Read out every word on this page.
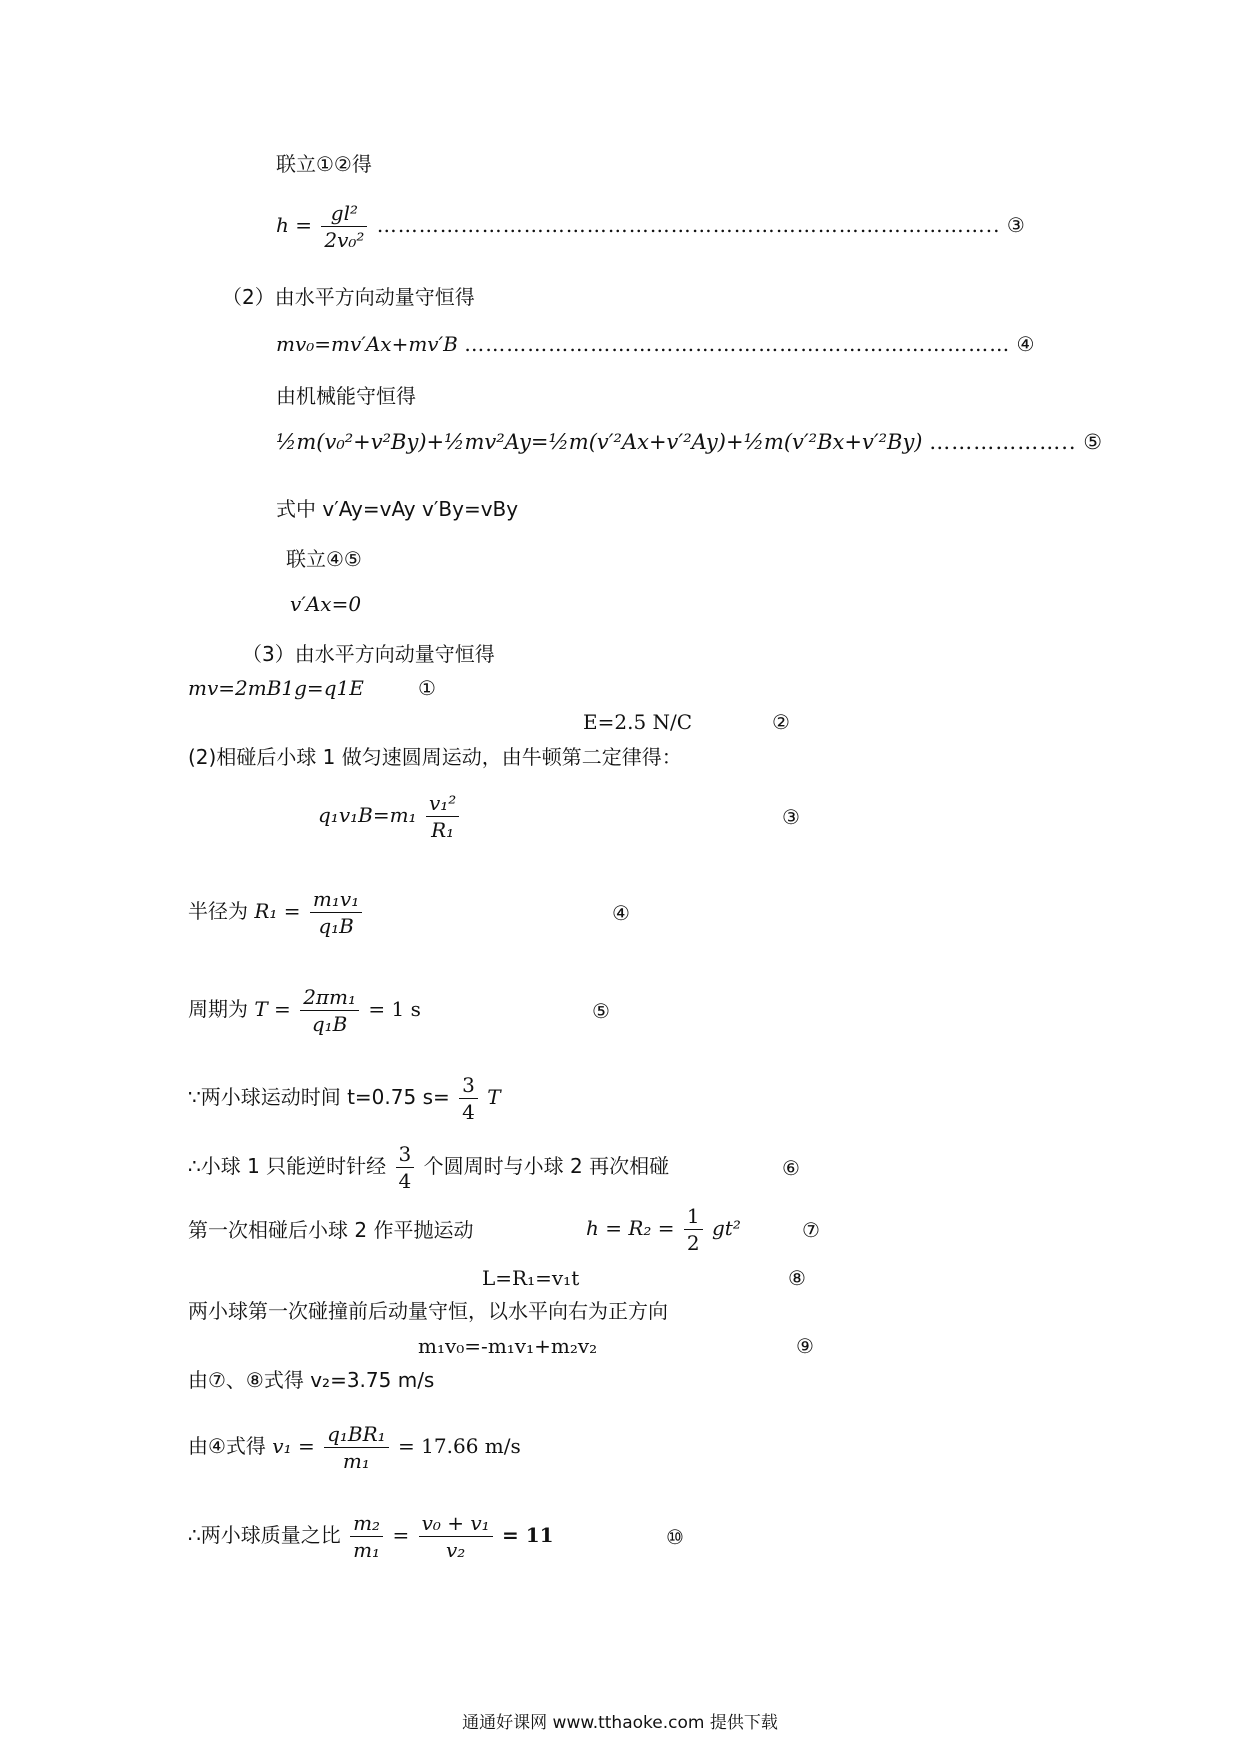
联立①②得
$h = \frac{\text{gl²}}{\text{2v₀²}}$ …………………………………………………………………………….. ③
（2）由水平方向动量守恒得
mv₀=mv′Ax+mv′B …………………………………………………………………… ④
由机械能守恒得
½m(v₀²+v²By)+½mv²Ay=½m(v′²Ax+v′²Ay)+½m(v′²Bx+v′²By) ……………….. ⑤
式中 v′Ay=vAy v′By=vBy
联立④⑤
v′Ax=0
（3）由水平方向动量守恒得
mv=2mB1g=q1E	①
E=2.5 N/C	②
(2)相碰后小球 1 做匀速圆周运动，由牛顿第二定律得：
$q_1v_1B=m_1 \frac{\text{v₁²}}{\text{R₁}}$	③
半径为 $R_1 = \frac{\text{m₁v₁}}{\text{q₁B}}$	④
周期为 $T = \frac{\text{2πm₁}}{\text{q₁B}} = 1$ s	⑤
∵两小球运动时间 t=0.75 $s= \frac{3}{4}$ T
∴小球 1 只能逆时针经 $\frac{3}{4}$ 个圆周时与小球 2 再次相碰	⑥
第一次相碰后小球 2 作平抛运动	$h = R_2 = \frac{1}{2} gt^2$	⑦
L=R₁=v₁t	⑧
两小球第一次碰撞前后动量守恒，以水平向右为正方向
m₁v₀=-m₁v₁+m₂v₂	⑨
由⑦、⑧式得 v₂=3.75 m/s
由④式得 $v_1 = \frac{\text{q₁BR₁}}{\text{m₁}} = 17.66$ m/s
∴两小球质量之比 $\frac{\text{m₂}}{\text{m₁}} = \frac{\text{v₀ + v₁}}{\text{v₂}} = 11$	⑩
通通好课网 www.tthaoke.com 提供下载
